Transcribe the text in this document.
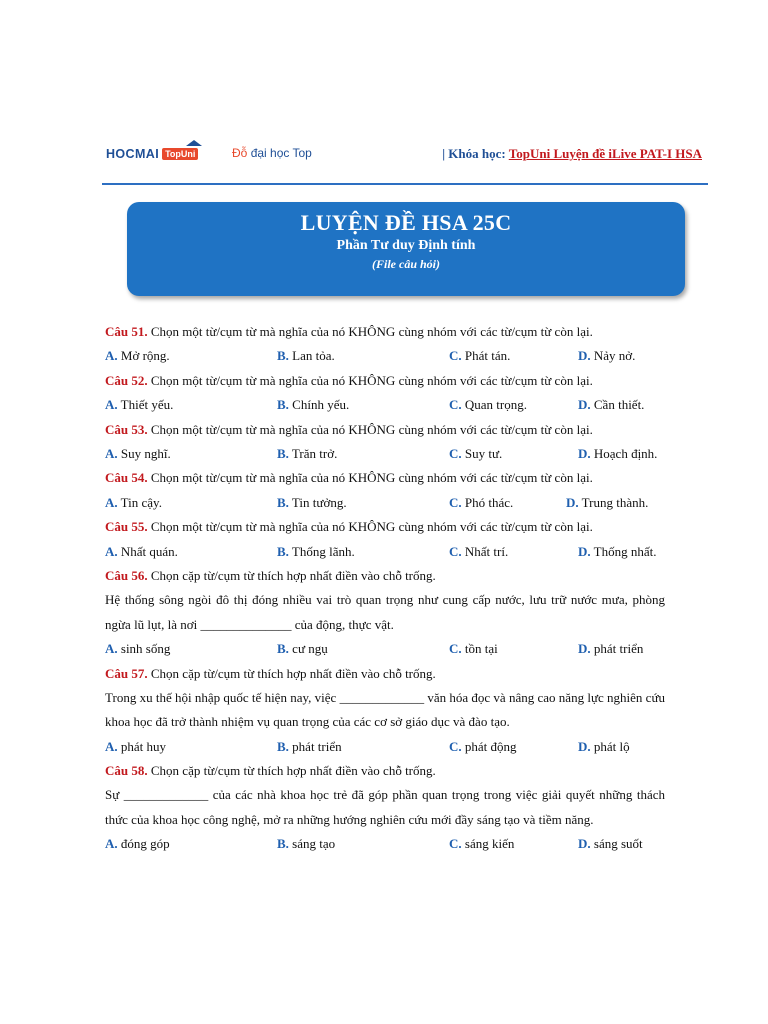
HOCMAI TopUni	Đỗ đại học Top	| Khóa học: TopUni Luyện đề iLive PAT-I HSA
LUYỆN ĐỀ HSA 25C
Phần Tư duy Định tính
(File câu hỏi)
Câu 51. Chọn một từ/cụm từ mà nghĩa của nó KHÔNG cùng nhóm với các từ/cụm từ còn lại.
A. Mở rộng.	B. Lan tỏa.	C. Phát tán.	D. Nảy nở.
Câu 52. Chọn một từ/cụm từ mà nghĩa của nó KHÔNG cùng nhóm với các từ/cụm từ còn lại.
A. Thiết yếu.	B. Chính yếu.	C. Quan trọng.	D. Cần thiết.
Câu 53. Chọn một từ/cụm từ mà nghĩa của nó KHÔNG cùng nhóm với các từ/cụm từ còn lại.
A. Suy nghĩ.	B. Trăn trở.	C. Suy tư.	D. Hoạch định.
Câu 54. Chọn một từ/cụm từ mà nghĩa của nó KHÔNG cùng nhóm với các từ/cụm từ còn lại.
A. Tin cậy.	B. Tin tưởng.	C. Phó thác.	D. Trung thành.
Câu 55. Chọn một từ/cụm từ mà nghĩa của nó KHÔNG cùng nhóm với các từ/cụm từ còn lại.
A. Nhất quán.	B. Thống lãnh.	C. Nhất trí.	D. Thống nhất.
Câu 56. Chọn cặp từ/cụm từ thích hợp nhất điền vào chỗ trống.
Hệ thống sông ngòi đô thị đóng nhiều vai trò quan trọng như cung cấp nước, lưu trữ nước mưa, phòng ngừa lũ lụt, là nơi ______________ của động, thực vật.
A. sinh sống	B. cư ngụ	C. tồn tại	D. phát triển
Câu 57. Chọn cặp từ/cụm từ thích hợp nhất điền vào chỗ trống.
Trong xu thế hội nhập quốc tế hiện nay, việc _____________ văn hóa đọc và nâng cao năng lực nghiên cứu khoa học đã trở thành nhiệm vụ quan trọng của các cơ sở giáo dục và đào tạo.
A. phát huy	B. phát triển	C. phát động	D. phát lộ
Câu 58. Chọn cặp từ/cụm từ thích hợp nhất điền vào chỗ trống.
Sự _____________ của các nhà khoa học trẻ đã góp phần quan trọng trong việc giải quyết những thách thức của khoa học công nghệ, mở ra những hướng nghiên cứu mới đầy sáng tạo và tiềm năng.
A. đóng góp	B. sáng tạo	C. sáng kiến	D. sáng suốt
